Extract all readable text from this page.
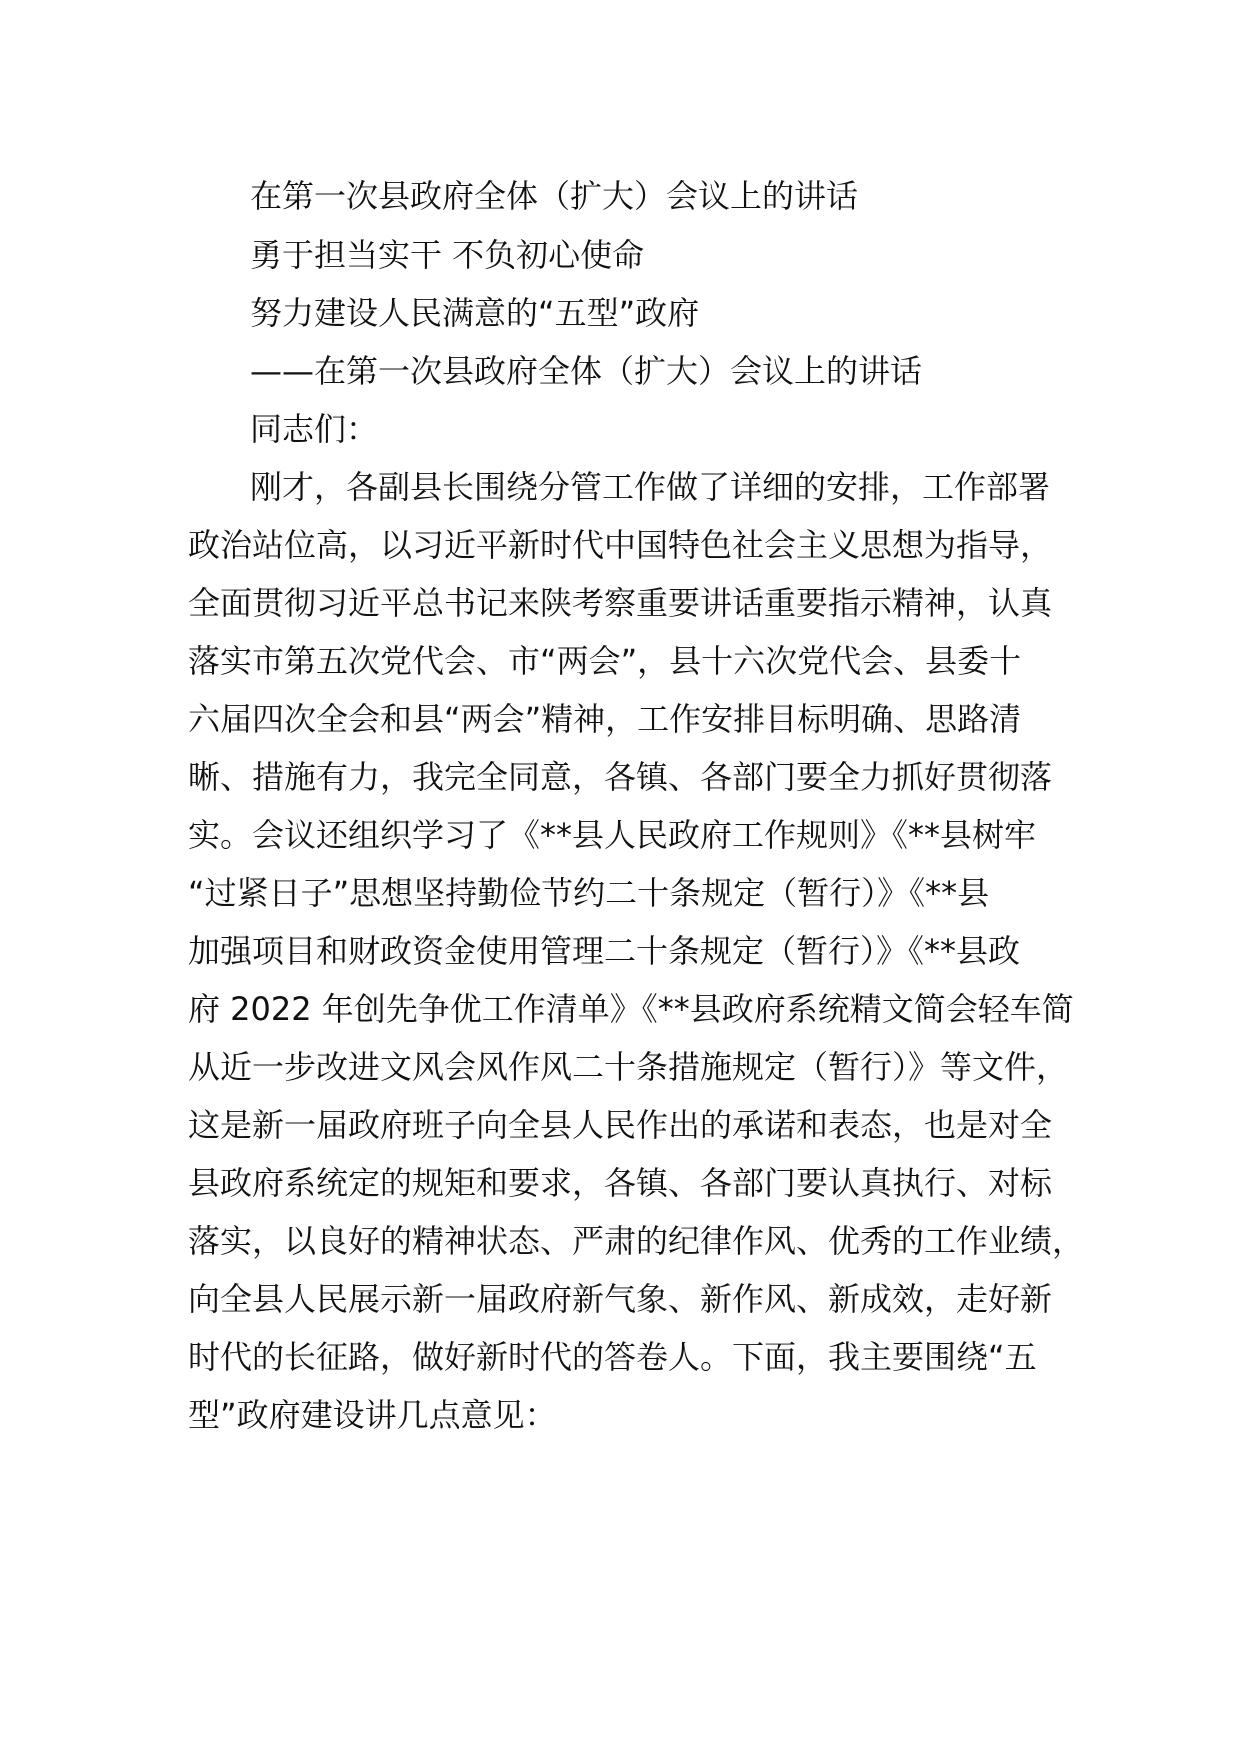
在第一次县政府全体（扩大）会议上的讲话
勇于担当实干 不负初心使命
努力建设人民满意的“五型”政府
——在第一次县政府全体（扩大）会议上的讲话
同志们：
刚才，各副县长围绕分管工作做了详细的安排，工作部署
政治站位高，以习近平新时代中国特色社会主义思想为指导，
全面贯彻习近平总书记来陕考察重要讲话重要指示精神，认真
落实市第五次党代会、市“两会”，县十六次党代会、县委十
六届四次全会和县“两会”精神，工作安排目标明确、思路清
晰、措施有力，我完全同意，各镇、各部门要全力抓好贯彻落
实。会议还组织学习了《**县人民政府工作规则》《**县树牢
“过紧日子”思想坚持勤俭节约二十条规定（暂行）》《**县
加强项目和财政资金使用管理二十条规定（暂行）》《**县政
府 2022 年创先争优工作清单》《**县政府系统精文简会轻车简
从近一步改进文风会风作风二十条措施规定（暂行）》等文件，
这是新一届政府班子向全县人民作出的承诺和表态，也是对全
县政府系统定的规矩和要求，各镇、各部门要认真执行、对标
落实，以良好的精神状态、严肃的纪律作风、优秀的工作业绩，
向全县人民展示新一届政府新气象、新作风、新成效，走好新
时代的长征路，做好新时代的答卷人。下面，我主要围绕“五
型”政府建设讲几点意见：
